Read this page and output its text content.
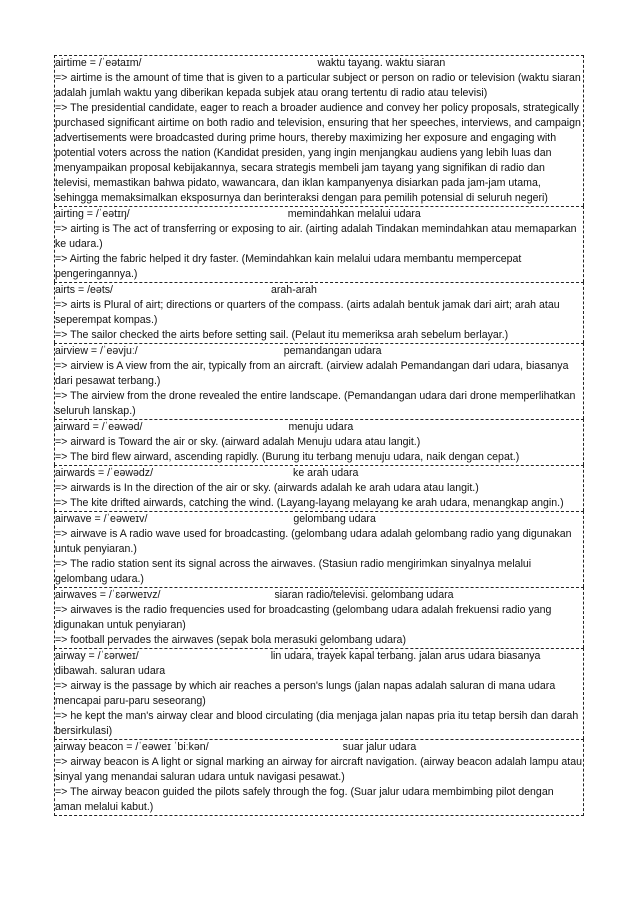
airtime = /ˈeətaɪm/	waktu tayang. waktu siaran
=> airtime is the amount of time that is given to a particular subject or person on radio or television (waktu siaran adalah jumlah waktu yang diberikan kepada subjek atau orang tertentu di radio atau televisi)
=> The presidential candidate, eager to reach a broader audience and convey her policy proposals, strategically purchased significant airtime on both radio and television, ensuring that her speeches, interviews, and campaign advertisements were broadcasted during prime hours, thereby maximizing her exposure and engaging with potential voters across the nation (Kandidat presiden, yang ingin menjangkau audiens yang lebih luas dan menyampaikan proposal kebijakannya, secara strategis membeli jam tayang yang signifikan di radio dan televisi, memastikan bahwa pidato, wawancara, dan iklan kampanyenya disiarkan pada jam-jam utama, sehingga memaksimalkan eksposurnya dan berinteraksi dengan para pemilih potensial di seluruh negeri)
airting = /ˈeətɪŋ/	memindahkan melalui udara
=> airting is The act of transferring or exposing to air. (airting adalah Tindakan memindahkan atau memaparkan ke udara.)
=> Airting the fabric helped it dry faster. (Memindahkan kain melalui udara membantu mempercepat pengeringannya.)
airts = /eəts/	arah-arah
=> airts is Plural of airt; directions or quarters of the compass. (airts adalah bentuk jamak dari airt; arah atau seperempat kompas.)
=> The sailor checked the airts before setting sail. (Pelaut itu memeriksa arah sebelum berlayar.)
airview = /ˈeəvjuː/	pemandangan udara
=> airview is A view from the air, typically from an aircraft. (airview adalah Pemandangan dari udara, biasanya dari pesawat terbang.)
=> The airview from the drone revealed the entire landscape. (Pemandangan udara dari drone memperlihatkan seluruh lanskap.)
airward = /ˈeəwəd/	menuju udara
=> airward is Toward the air or sky. (airward adalah Menuju udara atau langit.)
=> The bird flew airward, ascending rapidly. (Burung itu terbang menuju udara, naik dengan cepat.)
airwards = /ˈeəwədz/	ke arah udara
=> airwards is In the direction of the air or sky. (airwards adalah ke arah udara atau langit.)
=> The kite drifted airwards, catching the wind. (Layang-layang melayang ke arah udara, menangkap angin.)
airwave = /ˈeəweɪv/	gelombang udara
=> airwave is A radio wave used for broadcasting. (gelombang udara adalah gelombang radio yang digunakan untuk penyiaran.)
=> The radio station sent its signal across the airwaves. (Stasiun radio mengirimkan sinyalnya melalui gelombang udara.)
airwaves = /ˈɛərweɪvz/	siaran radio/televisi. gelombang udara
=> airwaves is the radio frequencies used for broadcasting (gelombang udara adalah frekuensi radio yang digunakan untuk penyiaran)
=> football pervades the airwaves (sepak bola merasuki gelombang udara)
airway = /ˈɛərweɪ/	lin udara, trayek kapal terbang. jalan arus udara biasanya dibawah. saluran udara
=> airway is the passage by which air reaches a person's lungs (jalan napas adalah saluran di mana udara mencapai paru-paru seseorang)
=> he kept the man's airway clear and blood circulating (dia menjaga jalan napas pria itu tetap bersih dan darah bersirkulasi)
airway beacon = /ˈeəweɪ ˈbiːkən/	suar jalur udara
=> airway beacon is A light or signal marking an airway for aircraft navigation. (airway beacon adalah lampu atau sinyal yang menandai saluran udara untuk navigasi pesawat.)
=> The airway beacon guided the pilots safely through the fog. (Suar jalur udara membimbing pilot dengan aman melalui kabut.)
